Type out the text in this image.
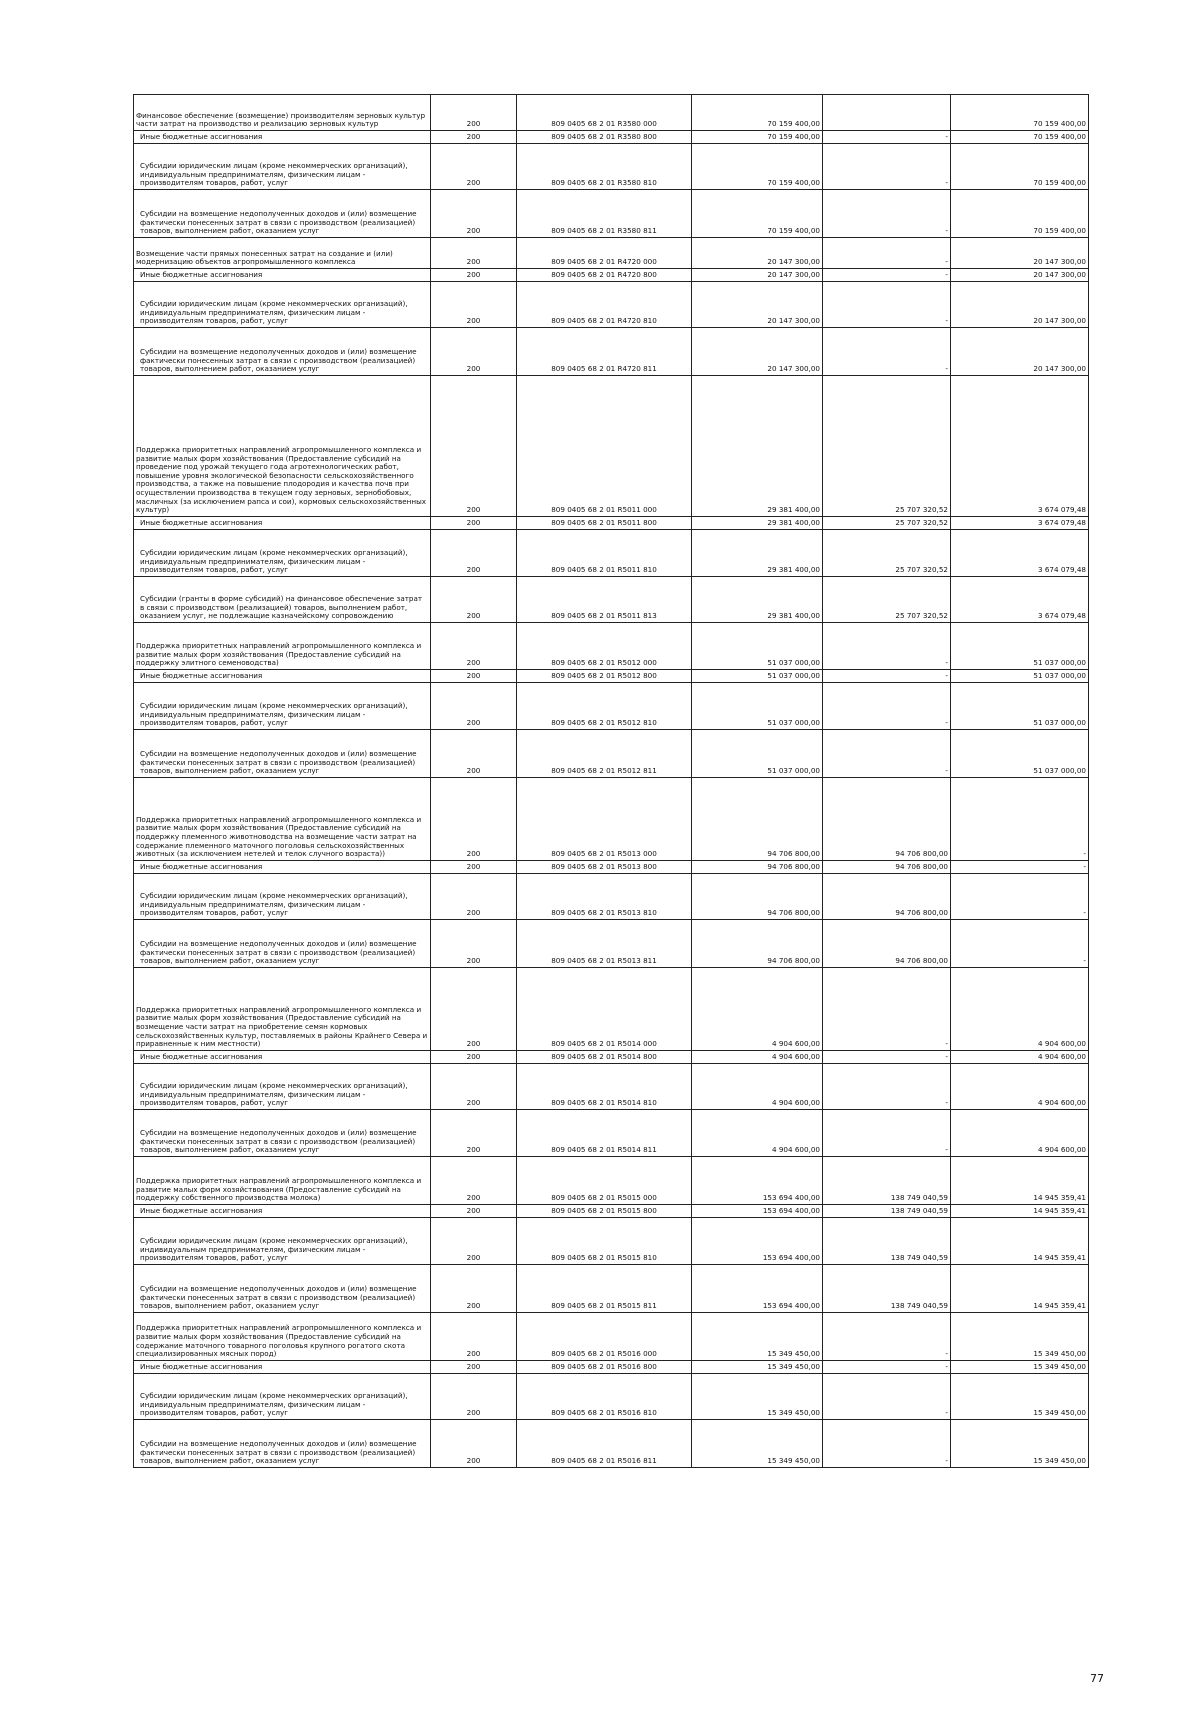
Финансовое обеспечение (возмещение) производителям зерновых культур части затрат на производство и реализацию зерновых культур	200	809 0405 68 2 01 R3580 000	70 159 400,00		70 159 400,00
Иные бюджетные ассигнования	200	809 0405 68 2 01 R3580 800	70 159 400,00	-	70 159 400,00
Субсидии юридическим лицам (кроме некоммерческих организаций), индивидуальным предпринимателям, физическим лицам - производителям товаров, работ, услуг	200	809 0405 68 2 01 R3580 810	70 159 400,00	-	70 159 400,00
Субсидии на возмещение недополученных доходов и (или) возмещение фактически понесенных затрат в связи с производством (реализацией) товаров, выполнением работ, оказанием услуг	200	809 0405 68 2 01 R3580 811	70 159 400,00	-	70 159 400,00
Возмещение части прямых понесенных затрат на создание и (или) модернизацию объектов агропромышленного комплекса	200	809 0405 68 2 01 R4720 000	20 147 300,00	-	20 147 300,00
Иные бюджетные ассигнования	200	809 0405 68 2 01 R4720 800	20 147 300,00	-	20 147 300,00
Субсидии юридическим лицам (кроме некоммерческих организаций), индивидуальным предпринимателям, физическим лицам - производителям товаров, работ, услуг	200	809 0405 68 2 01 R4720 810	20 147 300,00	-	20 147 300,00
Субсидии на возмещение недополученных доходов и (или) возмещение фактически понесенных затрат в связи с производством (реализацией) товаров, выполнением работ, оказанием услуг	200	809 0405 68 2 01 R4720 811	20 147 300,00	-	20 147 300,00
Поддержка приоритетных направлений агропромышленного комплекса и развитие малых форм хозяйствования (Предоставление субсидий на проведение под урожай текущего года агротехнологических работ, повышение уровня экологической безопасности сельскохозяйственного производства, а также на повышение плодородия и качества почв при осуществлении производства в текущем году зерновых, зернобобовых, масличных (за исключением рапса и сои), кормовых сельскохозяйственных культур)	200	809 0405 68 2 01 R5011 000	29 381 400,00	25 707 320,52	3 674 079,48
Иные бюджетные ассигнования	200	809 0405 68 2 01 R5011 800	29 381 400,00	25 707 320,52	3 674 079,48
Субсидии юридическим лицам (кроме некоммерческих организаций), индивидуальным предпринимателям, физическим лицам - производителям товаров, работ, услуг	200	809 0405 68 2 01 R5011 810	29 381 400,00	25 707 320,52	3 674 079,48
Субсидии (гранты в форме субсидий) на финансовое обеспечение затрат в связи с производством (реализацией) товаров, выполнением работ, оказанием услуг, не подлежащие казначейскому сопровождению	200	809 0405 68 2 01 R5011 813	29 381 400,00	25 707 320,52	3 674 079,48
Поддержка приоритетных направлений агропромышленного комплекса и развитие малых форм хозяйствования (Предоставление субсидий на поддержку элитного семеноводства)	200	809 0405 68 2 01 R5012 000	51 037 000,00	-	51 037 000,00
Иные бюджетные ассигнования	200	809 0405 68 2 01 R5012 800	51 037 000,00	-	51 037 000,00
Субсидии юридическим лицам (кроме некоммерческих организаций), индивидуальным предпринимателям, физическим лицам - производителям товаров, работ, услуг	200	809 0405 68 2 01 R5012 810	51 037 000,00	-	51 037 000,00
Субсидии на возмещение недополученных доходов и (или) возмещение фактически понесенных затрат в связи с производством (реализацией) товаров, выполнением работ, оказанием услуг	200	809 0405 68 2 01 R5012 811	51 037 000,00	-	51 037 000,00
Поддержка приоритетных направлений агропромышленного комплекса и развитие малых форм хозяйствования (Предоставление субсидий на поддержку племенного животноводства на возмещение части затрат на содержание племенного маточного поголовья сельскохозяйственных животных (за исключением нетелей и телок случного возраста))	200	809 0405 68 2 01 R5013 000	94 706 800,00	94 706 800,00	-
Иные бюджетные ассигнования	200	809 0405 68 2 01 R5013 800	94 706 800,00	94 706 800,00	-
Субсидии юридическим лицам (кроме некоммерческих организаций), индивидуальным предпринимателям, физическим лицам - производителям товаров, работ, услуг	200	809 0405 68 2 01 R5013 810	94 706 800,00	94 706 800,00	-
Субсидии на возмещение недополученных доходов и (или) возмещение фактически понесенных затрат в связи с производством (реализацией) товаров, выполнением работ, оказанием услуг	200	809 0405 68 2 01 R5013 811	94 706 800,00	94 706 800,00	-
Поддержка приоритетных направлений агропромышленного комплекса и развитие малых форм хозяйствования (Предоставление субсидий на возмещение части затрат на приобретение семян кормовых сельскохозяйственных культур, поставляемых в районы Крайнего Севера и приравненные к ним местности)	200	809 0405 68 2 01 R5014 000	4 904 600,00	-	4 904 600,00
Иные бюджетные ассигнования	200	809 0405 68 2 01 R5014 800	4 904 600,00	-	4 904 600,00
Субсидии юридическим лицам (кроме некоммерческих организаций), индивидуальным предпринимателям, физическим лицам - производителям товаров, работ, услуг	200	809 0405 68 2 01 R5014 810	4 904 600,00	-	4 904 600,00
Субсидии на возмещение недополученных доходов и (или) возмещение фактически понесенных затрат в связи с производством (реализацией) товаров, выполнением работ, оказанием услуг	200	809 0405 68 2 01 R5014 811	4 904 600,00	-	4 904 600,00
Поддержка приоритетных направлений агропромышленного комплекса и развитие малых форм хозяйствования (Предоставление субсидий на поддержку собственного производства молока)	200	809 0405 68 2 01 R5015 000	153 694 400,00	138 749 040,59	14 945 359,41
Иные бюджетные ассигнования	200	809 0405 68 2 01 R5015 800	153 694 400,00	138 749 040,59	14 945 359,41
Субсидии юридическим лицам (кроме некоммерческих организаций), индивидуальным предпринимателям, физическим лицам - производителям товаров, работ, услуг	200	809 0405 68 2 01 R5015 810	153 694 400,00	138 749 040,59	14 945 359,41
Субсидии на возмещение недополученных доходов и (или) возмещение фактически понесенных затрат в связи с производством (реализацией) товаров, выполнением работ, оказанием услуг	200	809 0405 68 2 01 R5015 811	153 694 400,00	138 749 040,59	14 945 359,41
Поддержка приоритетных направлений агропромышленного комплекса и развитие малых форм хозяйствования (Предоставление субсидий на содержание маточного товарного поголовья крупного рогатого скота специализированных мясных пород)	200	809 0405 68 2 01 R5016 000	15 349 450,00	-	15 349 450,00
Иные бюджетные ассигнования	200	809 0405 68 2 01 R5016 800	15 349 450,00	-	15 349 450,00
Субсидии юридическим лицам (кроме некоммерческих организаций), индивидуальным предпринимателям, физическим лицам - производителям товаров, работ, услуг	200	809 0405 68 2 01 R5016 810	15 349 450,00	-	15 349 450,00
Субсидии на возмещение недополученных доходов и (или) возмещение фактически понесенных затрат в связи с производством (реализацией) товаров, выполнением работ, оказанием услуг	200	809 0405 68 2 01 R5016 811	15 349 450,00	-	15 349 450,00
77
